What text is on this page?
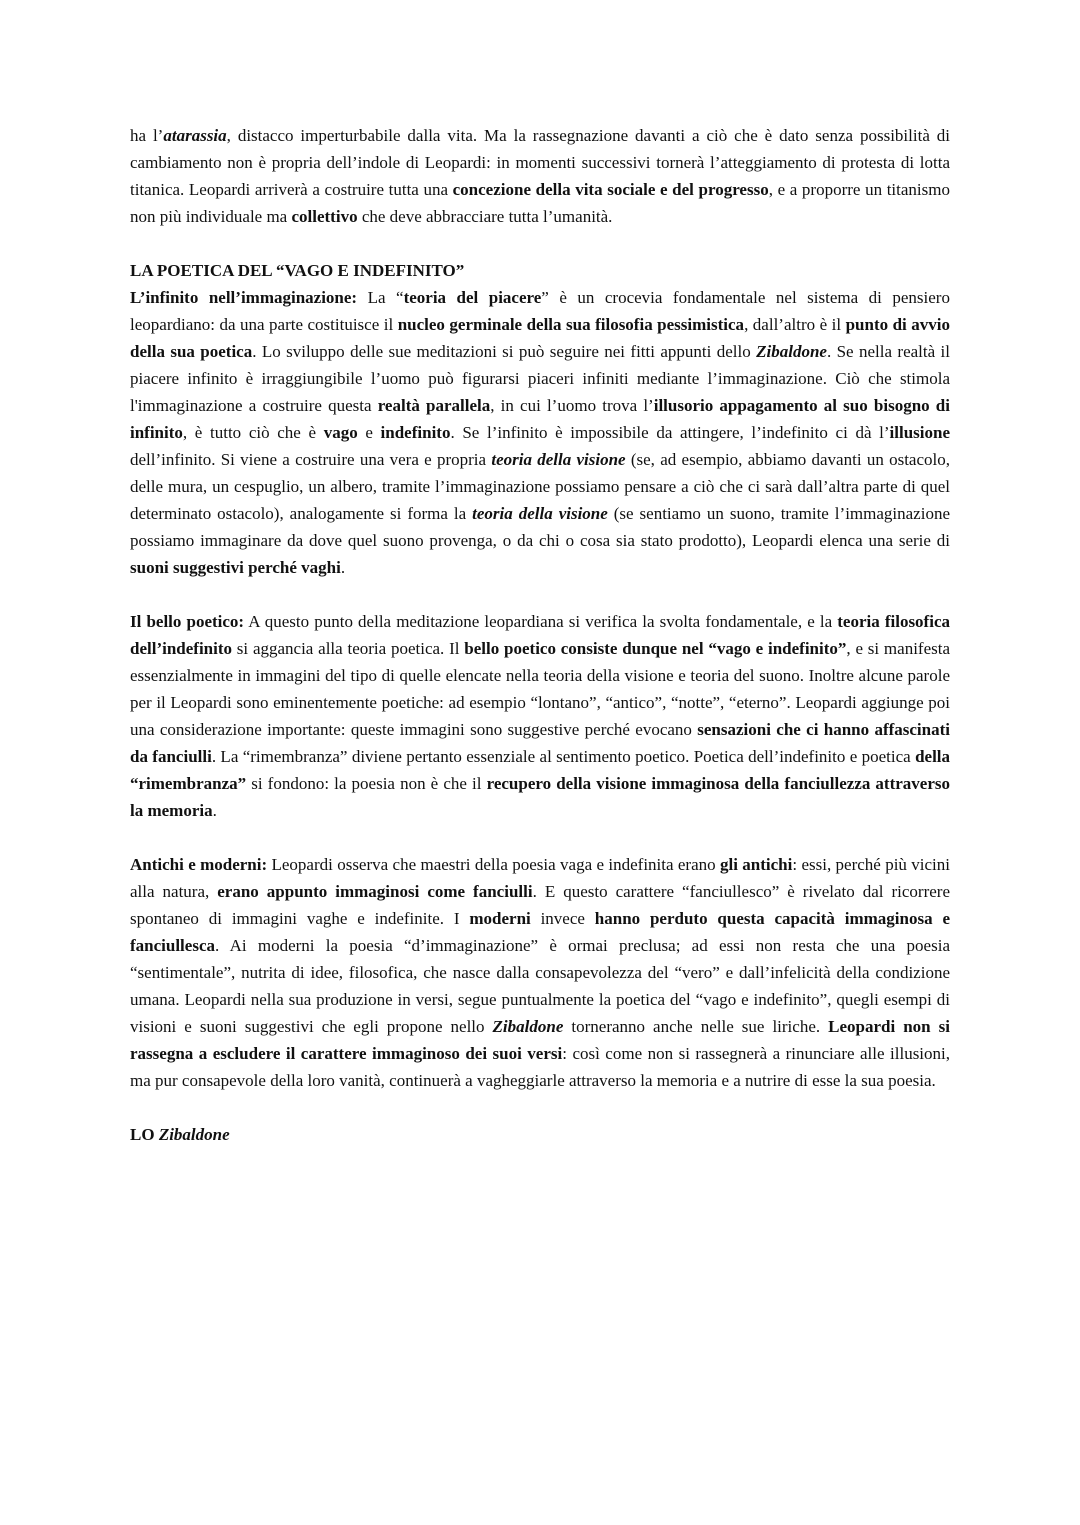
ha l’atarassia, distacco imperturbabile dalla vita. Ma la rassegnazione davanti a ciò che è dato senza possibilità di cambiamento non è propria dell’indole di Leopardi: in momenti successivi tornerà l’atteggiamento di protesta di lotta titanica. Leopardi arriverà a costruire tutta una concezione della vita sociale e del progresso, e a proporre un titanismo non più individuale ma collettivo che deve abbracciare tutta l’umanità.

LA POETICA DEL “VAGO E INDEFINITO”

L’infinito nell’immaginazione: La “teoria del piacere” è un crocevia fondamentale nel sistema di pensiero leopardiano: da una parte costituisce il nucleo germinale della sua filosofia pessimistica, dall’altro è il punto di avvio della sua poetica. Lo sviluppo delle sue meditazioni si può seguire nei fitti appunti dello Zibaldone. Se nella realtà il piacere infinito è irraggiungibile l’uomo può figurarsi piaceri infiniti mediante l’immaginazione. Ciò che stimola l'immaginazione a costruire questa realtà parallela, in cui l’uomo trova l’illusorio appagamento al suo bisogno di infinito, è tutto ciò che è vago e indefinito. Se l’infinito è impossibile da attingere, l’indefinito ci dà l’illusione dell’infinito. Si viene a costruire una vera e propria teoria della visione (se, ad esempio, abbiamo davanti un ostacolo, delle mura, un cespuglio, un albero, tramite l’immaginazione possiamo pensare a ciò che ci sarà dall’altra parte di quel determinato ostacolo), analogamente si forma la teoria della visione (se sentiamo un suono, tramite l’immaginazione possiamo immaginare da dove quel suono provenga, o da chi o cosa sia stato prodotto), Leopardi elenca una serie di suoni suggestivi perché vaghi.

Il bello poetico: A questo punto della meditazione leopardiana si verifica la svolta fondamentale, e la teoria filosofica dell’indefinito si aggancia alla teoria poetica. Il bello poetico consiste dunque nel “vago e indefinito”, e si manifesta essenzialmente in immagini del tipo di quelle elencate nella teoria della visione e teoria del suono. Inoltre alcune parole per il Leopardi sono eminentemente poetiche: ad esempio “lontano”, “antico”, “notte”, “eterno”. Leopardi aggiunge poi una considerazione importante: queste immagini sono suggestive perché evocano sensazioni che ci hanno affascinati da fanciulli. La “rimembranza” diviene pertanto essenziale al sentimento poetico. Poetica dell’indefinito e poetica della “rimembranza” si fondono: la poesia non è che il recupero della visione immaginosa della fanciullezza attraverso la memoria.

Antichi e moderni: Leopardi osserva che maestri della poesia vaga e indefinita erano gli antichi: essi, perché più vicini alla natura, erano appunto immaginosi come fanciulli. E questo carattere “fanciullesco” è rivelato dal ricorrere spontaneo di immagini vaghe e indefinite. I moderni invece hanno perduto questa capacità immaginosa e fanciullesca. Ai moderni la poesia “d’immaginazione” è ormai preclusa; ad essi non resta che una poesia “sentimentale”, nutrita di idee, filosofica, che nasce dalla consapevolezza del “vero” e dall’infelicità della condizione umana. Leopardi nella sua produzione in versi, segue puntualmente la poetica del “vago e indefinito”, quegli esempi di visioni e suoni suggestivi che egli propone nello Zibaldone torneranno anche nelle sue liriche. Leopardi non si rassegna a escludere il carattere immaginoso dei suoi versi: così come non si rassegnerà a rinunciare alle illusioni, ma pur consapevole della loro vanità, continuerà a vagheggiarle attraverso la memoria e a nutrire di esse la sua poesia.

LO Zibaldone
